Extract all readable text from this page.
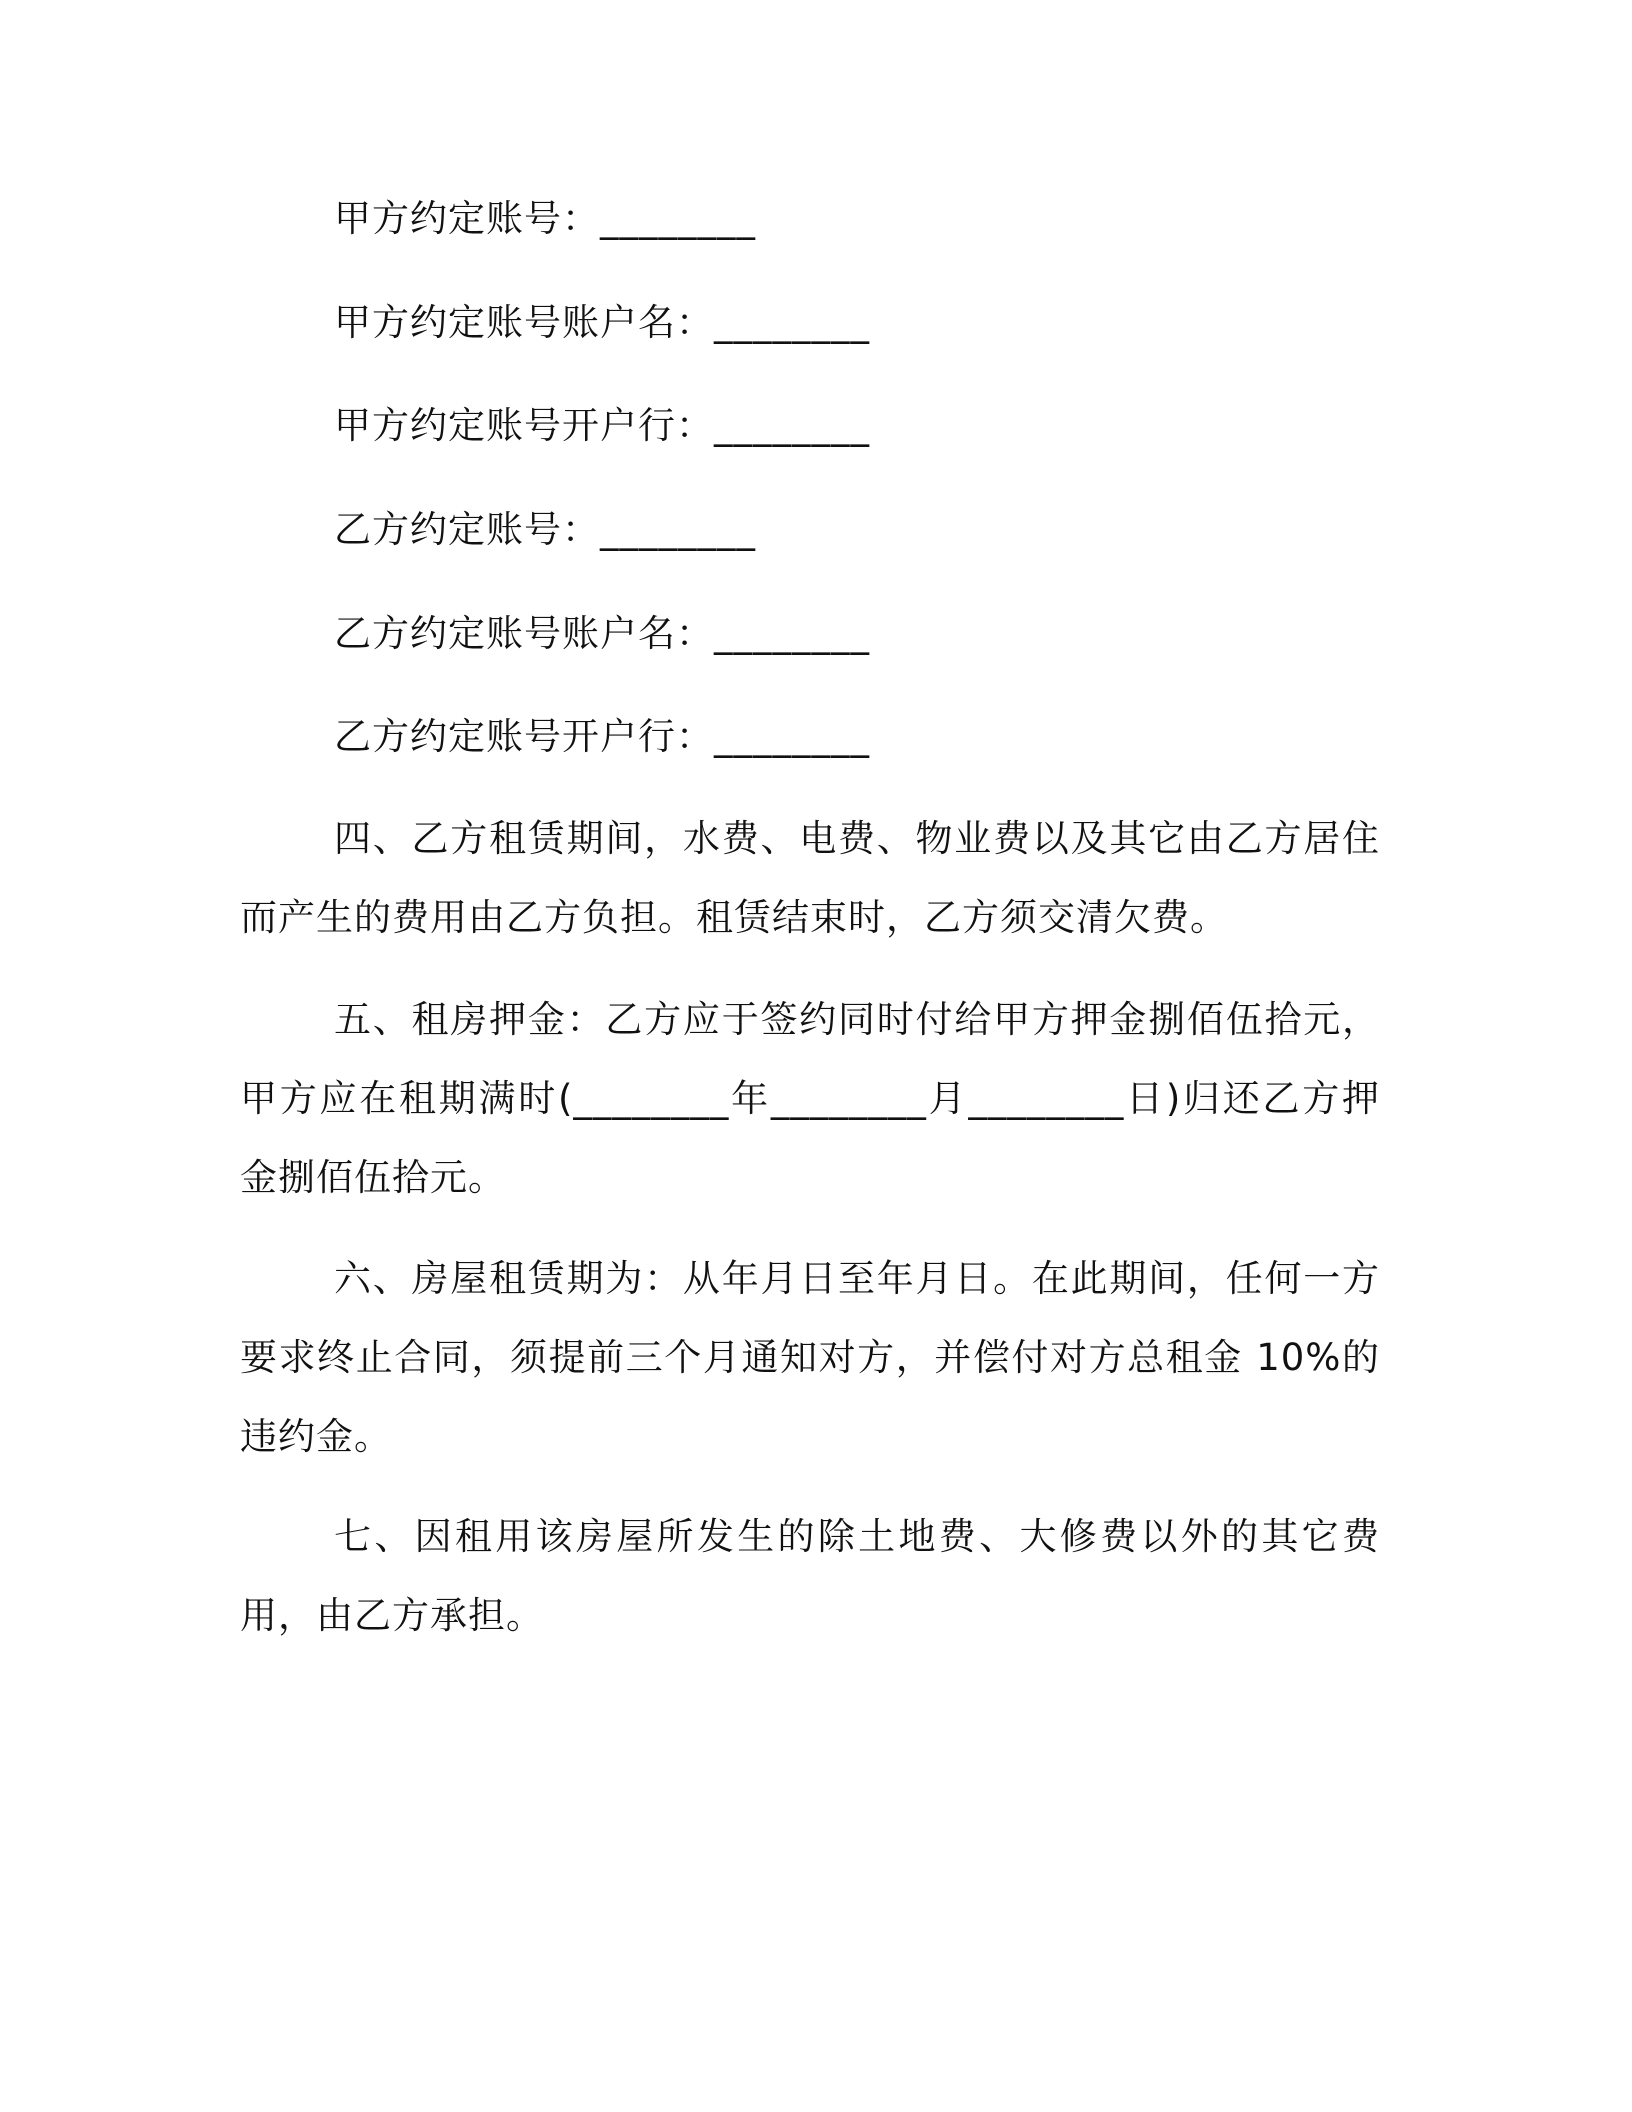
甲方约定账号：________
甲方约定账号账户名：________
甲方约定账号开户行：________
乙方约定账号：________
乙方约定账号账户名：________
乙方约定账号开户行：________

四、乙方租赁期间，水费、电费、物业费以及其它由乙方居住而产生的费用由乙方负担。租赁结束时，乙方须交清欠费。

五、租房押金：乙方应于签约同时付给甲方押金捌佰伍拾元，甲方应在租期满时(________年________月________日)归还乙方押金捌佰伍拾元。

六、房屋租赁期为：从年月日至年月日。在此期间，任何一方要求终止合同，须提前三个月通知对方，并偿付对方总租金 10%的违约金。

七、因租用该房屋所发生的除土地费、大修费以外的其它费用，由乙方承担。
